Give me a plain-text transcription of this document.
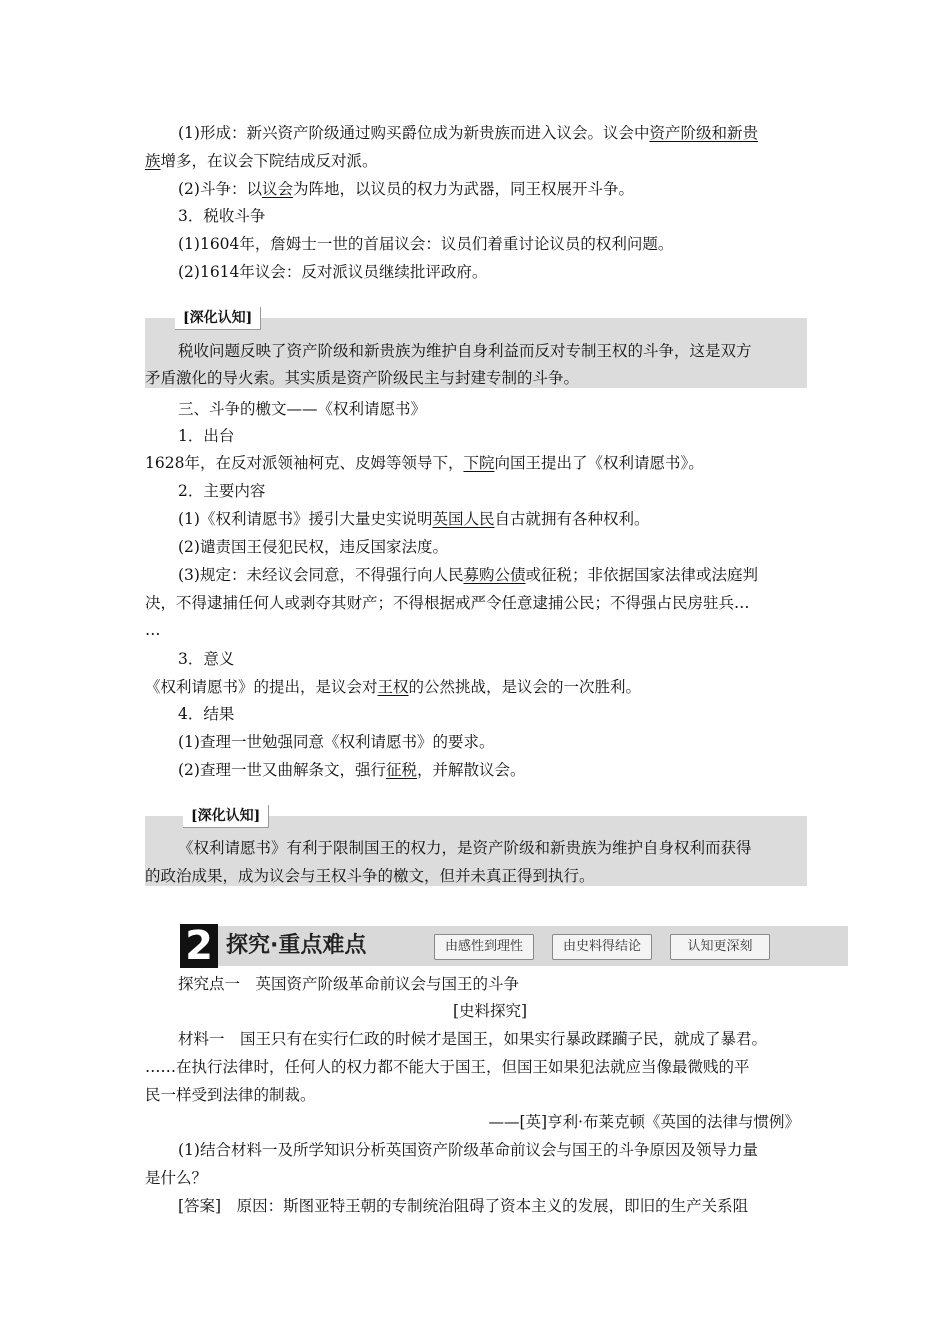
(1)形成：新兴资产阶级通过购买爵位成为新贵族而进入议会。议会中资产阶级和新贵
族增多，在议会下院结成反对派。
(2)斗争：以议会为阵地，以议员的权力为武器，同王权展开斗争。
3．税收斗争
(1)1604年，詹姆士一世的首届议会：议员们着重讨论议员的权利问题。
(2)1614年议会：反对派议员继续批评政府。
[深化认知]
税收问题反映了资产阶级和新贵族为维护自身利益而反对专制王权的斗争，这是双方
矛盾激化的导火索。其实质是资产阶级民主与封建专制的斗争。
三、斗争的檄文——《权利请愿书》
1．出台
1628年，在反对派领袖柯克、皮姆等领导下，下院向国王提出了《权利请愿书》。
2．主要内容
(1)《权利请愿书》援引大量史实说明英国人民自古就拥有各种权利。
(2)谴责国王侵犯民权，违反国家法度。
(3)规定：未经议会同意，不得强行向人民募购公债或征税；非依据国家法律或法庭判
决，不得逮捕任何人或剥夺其财产；不得根据戒严令任意逮捕公民；不得强占民房驻兵…
…
3．意义
《权利请愿书》的提出，是议会对王权的公然挑战，是议会的一次胜利。
4．结果
(1)查理一世勉强同意《权利请愿书》的要求。
(2)查理一世又曲解条文，强行征税，并解散议会。
[深化认知]
《权利请愿书》有利于限制国王的权力，是资产阶级和新贵族为维护自身权利而获得
的政治成果，成为议会与王权斗争的檄文，但并未真正得到执行。
2 探究·重点难点	由感性到理性	由史料得结论	认知更深刻
探究点一　英国资产阶级革命前议会与国王的斗争
[史料探究]
材料一　国王只有在实行仁政的时候才是国王，如果实行暴政蹂躏子民，就成了暴君。
……在执行法律时，任何人的权力都不能大于国王，但国王如果犯法就应当像最微贱的平
民一样受到法律的制裁。
——[英]亨利·布莱克顿《英国的法律与惯例》
(1)结合材料一及所学知识分析英国资产阶级革命前议会与国王的斗争原因及领导力量
是什么？
[答案]　原因：斯图亚特王朝的专制统治阻碍了资本主义的发展，即旧的生产关系阻
